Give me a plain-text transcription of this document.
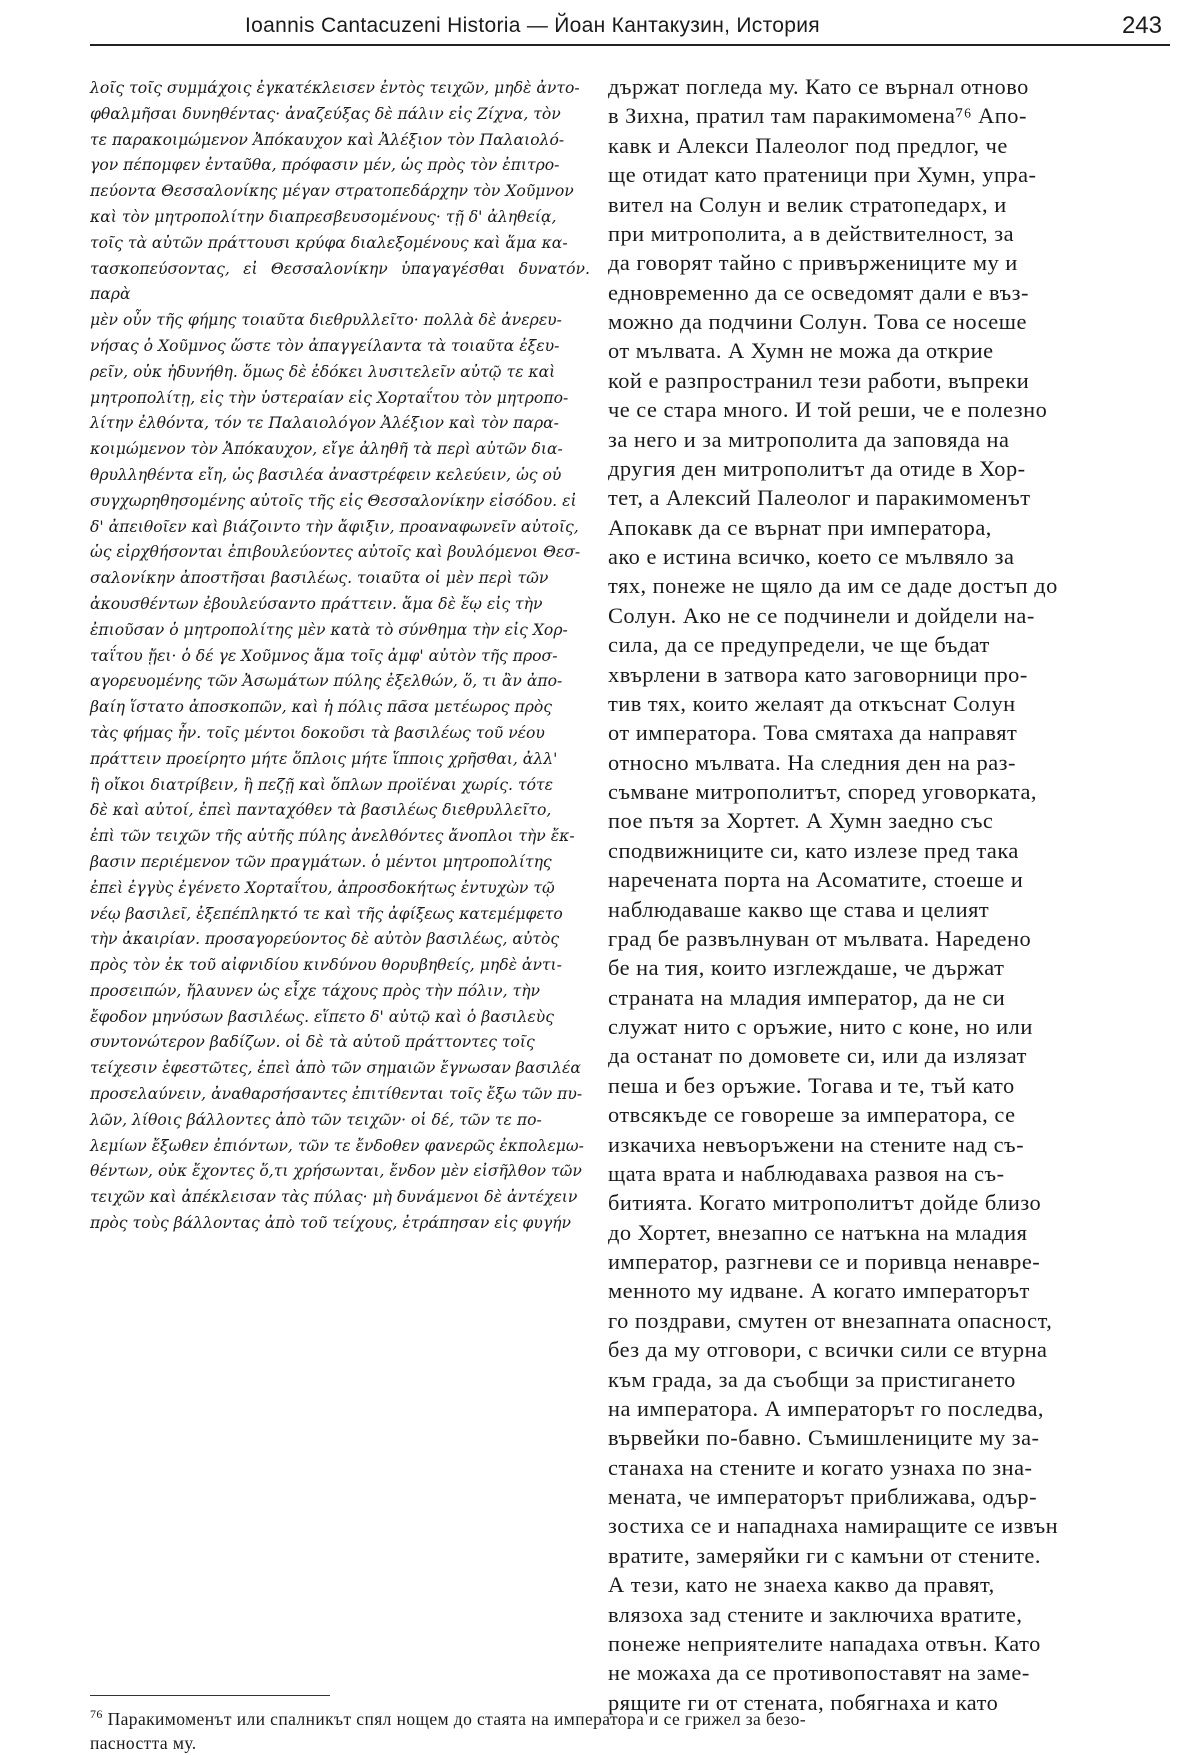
Ioannis Cantacuzeni Historia — Йоан Кантакузин, История	243
λοῖς τοῖς συμμάχοις ἐγκατέκλεισεν ἐντὸς τειχῶν, μηδὲ ἀντο-
φθαλμῆσαι δυνηθέντας· ἀναζεύξας δὲ πάλιν εἰς Ζίχνα, τὸν
τε παρακοιμώμενον Ἀπόκαυχον καὶ Ἀλέξιον τὸν Παλαιολό-
γον πέπομφεν ἐνταῦθα, πρόφασιν μέν, ὡς πρὸς τὸν ἐπιτρο-
πεύοντα Θεσσαλονίκης μέγαν στρατοπεδάρχην τὸν Χοῦμνον
καὶ τὸν μητροπολίτην διαπρεσβευσομένους· τῇ δ' ἀληθείᾳ,
τοῖς τὰ αὐτῶν πράττουσι κρύφα διαλεξομένους καὶ ἅμα κα-
τασκοπεύσοντας, εἰ Θεσσαλονίκην ὑπαγαγέσθαι δυνατόν. παρὰ
μὲν οὖν τῆς φήμης τοιαῦτα διεθρυλλεῖτο· πολλὰ δὲ ἀνερευ-
νήσας ὁ Χοῦμνος ὥστε τὸν ἀπαγγείλαντα τὰ τοιαῦτα ἐξευ-
ρεῖν, οὐκ ἠδυνήθη. ὅμως δὲ ἐδόκει λυσιτελεῖν αὐτῷ τε καὶ
μητροπολίτῃ, εἰς τὴν ὑστεραίαν εἰς Χορταΐτου τὸν μητροπο-
λίτην ἐλθόντα, τόν τε Παλαιολόγον Ἀλέξιον καὶ τὸν παρα-
κοιμώμενον τὸν Ἀπόκαυχον, εἴγε ἀληθῆ τὰ περὶ αὐτῶν δια-
θρυλληθέντα εἴη, ὡς βασιλέα ἀναστρέφειν κελεύειν, ὡς οὐ
συγχωρηθησομένης αὐτοῖς τῆς εἰς Θεσσαλονίκην εἰσόδου. εἰ
δ' ἀπειθοῖεν καὶ βιάζοιντο τὴν ἄφιξιν, προαναφωνεῖν αὐτοῖς,
ὡς εἰρχθήσονται ἐπιβουλεύοντες αὐτοῖς καὶ βουλόμενοι Θεσ-
σαλονίκην ἀποστῆσαι βασιλέως. τοιαῦτα οἱ μὲν περὶ τῶν
ἀκουσθέντων ἐβουλεύσαντο πράττειν. ἅμα δὲ ἕῳ εἰς τὴν
ἐπιοῦσαν ὁ μητροπολίτης μὲν κατὰ τὸ σύνθημα τὴν εἰς Χορ-
ταΐτου ᾔει· ὁ δέ γε Χοῦμνος ἅμα τοῖς ἀμφ' αὐτὸν τῆς προσ-
αγορευομένης τῶν Ἀσωμάτων πύλης ἐξελθών, ὅ, τι ἂν ἀπο-
βαίη ἵστατο ἀποσκοπῶν, καὶ ἡ πόλις πᾶσα μετέωρος πρὸς
τὰς φήμας ἦν. τοῖς μέντοι δοκοῦσι τὰ βασιλέως τοῦ νέου
πράττειν προείρητο μήτε ὅπλοις μήτε ἵπποις χρῆσθαι, ἀλλ'
ἢ οἴκοι διατρίβειν, ἢ πεζῇ καὶ ὅπλων προϊέναι χωρίς. τότε
δὲ καὶ αὐτοί, ἐπεὶ πανταχόθεν τὰ βασιλέως διεθρυλλεῖτο,
ἐπὶ τῶν τειχῶν τῆς αὐτῆς πύλης ἀνελθόντες ἄνοπλοι τὴν ἔκ-
βασιν περιέμενον τῶν πραγμάτων. ὁ μέντοι μητροπολίτης
ἐπεὶ ἐγγὺς ἐγένετο Χορταΐτου, ἀπροσδοκήτως ἐντυχὼν τῷ
νέῳ βασιλεῖ, ἐξεπέπληκτό τε καὶ τῆς ἀφίξεως κατεμέμφετο
τὴν ἀκαιρίαν. προσαγορεύοντος δὲ αὐτὸν βασιλέως, αὐτὸς
πρὸς τὸν ἐκ τοῦ αἰφνιδίου κινδύνου θορυβηθείς, μηδὲ ἀντι-
προσειπών, ἤλαυνεν ὡς εἶχε τάχους πρὸς τὴν πόλιν, τὴν
ἔφοδον μηνύσων βασιλέως. εἵπετο δ' αὐτῷ καὶ ὁ βασιλεὺς
συντονώτερον βαδίζων. οἱ δὲ τὰ αὐτοῦ πράττοντες τοῖς
τείχεσιν ἐφεστῶτες, ἐπεὶ ἀπὸ τῶν σημαιῶν ἔγνωσαν βασιλέα
προσελαύνειν, ἀναθαρσήσαντες ἐπιτίθενται τοῖς ἔξω τῶν πυ-
λῶν, λίθοις βάλλοντες ἀπὸ τῶν τειχῶν· οἱ δέ, τῶν τε πο-
λεμίων ἔξωθεν ἐπιόντων, τῶν τε ἔνδοθεν φανερῶς ἐκπολεμω-
θέντων, οὐκ ἔχοντες ὅ,τι χρήσωνται, ἔνδον μὲν εἰσῆλθον τῶν
τειχῶν καὶ ἀπέκλεισαν τὰς πύλας· μὴ δυνάμενοι δὲ ἀντέχειν
πρὸς τοὺς βάλλοντας ἀπὸ τοῦ τείχους, ἐτράπησαν εἰς φυγήν
държат погледа му. Като се върнал отново
в Зихна, пратил там паракимомена⁷⁶ Апо-
кавк и Алекси Палеолог под предлог, че
ще отидат като пратеници при Хумн, упра-
вител на Солун и велик стратопедарх, и
при митрополита, а в действителност, за
да говорят тайно с привържениците му и
едновременно да се осведомят дали е въз-
можно да подчини Солун. Това се носеше
от мълвата. А Хумн не можа да открие
кой е разпространил тези работи, въпреки
че се стара много. И той реши, че е полезно
за него и за митрополита да заповяда на
другия ден митрополитът да отиде в Хор-
тет, а Алексий Палеолог и паракимоменът
Апокавк да се върнат при императора,
ако е истина всичко, което се мълвяло за
тях, понеже не щяло да им се даде достъп до
Солун. Ако не се подчинели и дойдели на-
сила, да се предупредели, че ще бъдат
хвърлени в затвора като заговорници про-
тив тях, които желаят да откъснат Солун
от императора. Това смятаха да направят
относно мълвата. На следния ден на раз-
съмване митрополитът, според уговорката,
пое пътя за Хортет. А Хумн заедно със
сподвижниците си, като излезе пред така
наречената порта на Асоматите, стоеше и
наблюдаваше какво ще става и целият
град бе развълнуван от мълвата. Наредено
бе на тия, които изглеждаше, че държат
страната на младия император, да не си
служат нито с оръжие, нито с коне, но или
да останат по домовете си, или да излязат
пеша и без оръжие. Тогава и те, тъй като
отвсякъде се говореше за императора, се
изкачиха невъоръжени на стените над съ-
щата врата и наблюдаваха развоя на съ-
битията. Когато митрополитът дойде близо
до Хортет, внезапно се натъкна на младия
император, разгневи се и поривца ненавре-
менното му идване. А когато императорът
го поздрави, смутен от внезапната опасност,
без да му отговори, с всички сили се втурна
към града, за да съобщи за пристигането
на императора. А императорът го последва,
вървейки по-бавно. Съмишлениците му за-
станаха на стените и когато узнаха по зна-
мената, че императорът приближава, одър-
зостиха се и нападнаха намиращите се извън
вратите, замеряйки ги с камъни от стените.
А тези, като не знаеха какво да правят,
влязоха зад стените и заключиха вратите,
понеже неприятелите нападаха отвън. Като
не можаха да се противопоставят на заме-
рящите ги от стената, побягнаха и като
$^{76}$ Паракимоменът или спалникът спял нощем до стаята на императора и се грижел за безо-
пасността му.
